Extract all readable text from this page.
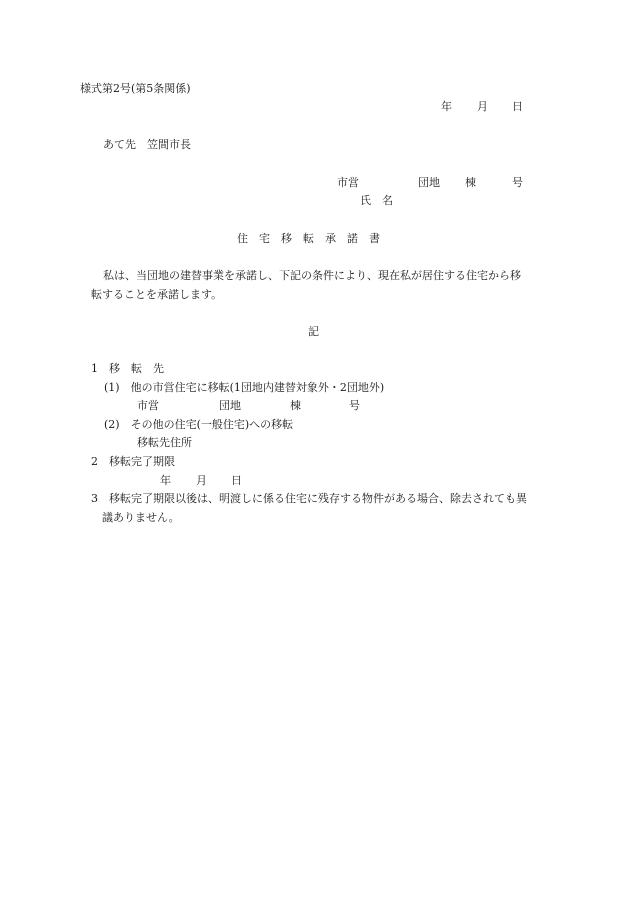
様式第2号(第5条関係)
年 月 日
あて先　笠間市長
市営	団地 棟	号
氏　名
住　宅　移　転　承　諾　書
私は、当団地の建替事業を承諾し、下記の条件により、現在私が居住する住宅から移
転することを承諾します。
記
1　移　転　先
(1)　他の市営住宅に移転(1団地内建替対象外・2団地外)
市営	団地	棟	号
(2)　その他の住宅(一般住宅)への移転
移転先住所
2　移転完了期限
年 月 日
3　移転完了期限以後は、明渡しに係る住宅に残存する物件がある場合、除去されても異
議ありません。
